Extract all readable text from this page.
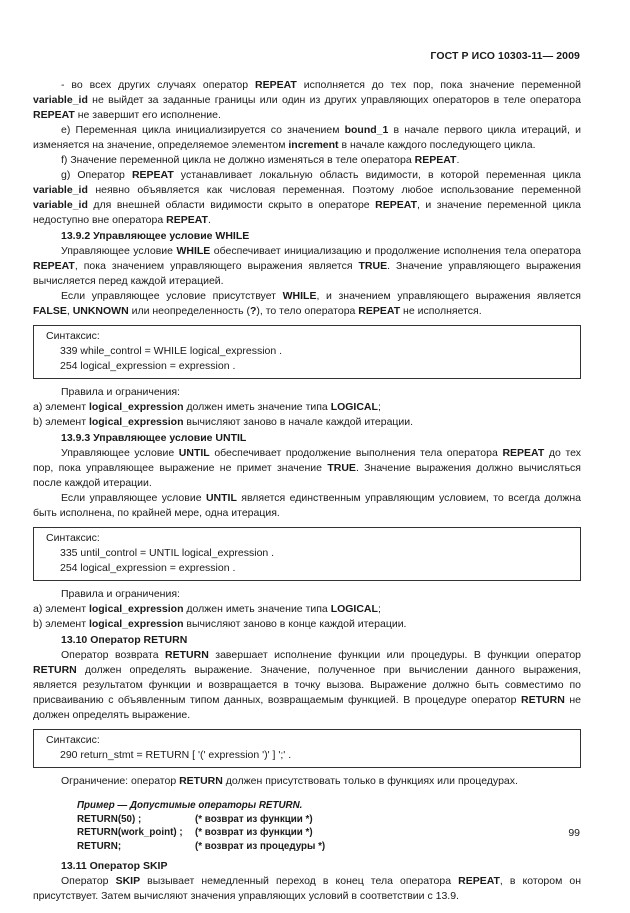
ГОСТ Р ИСО 10303-11— 2009

- во всех других случаях оператор REPEAT исполняется до тех пор, пока значение переменной variable_id не выйдет за заданные границы или один из других управляющих операторов в теле оператора REPEAT не завершит его исполнение.

е) Переменная цикла инициализируется со значением bound_1 в начале первого цикла итераций, и изменяется на значение, определяемое элементом increment в начале каждого последующего цикла.

f) Значение переменной цикла не должно изменяться в теле оператора REPEAT.

g) Оператор REPEAT устанавливает локальную область видимости, в которой переменная цикла variable_id неявно объявляется как числовая переменная. Поэтому любое использование переменной variable_id для внешней области видимости скрыто в операторе REPEAT, и значение переменной цикла недоступно вне оператора REPEAT.

13.9.2 Управляющее условие WHILE

Управляющее условие WHILE обеспечивает инициализацию и продолжение исполнения тела оператора REPEAT, пока значением управляющего выражения является TRUE. Значение управляющего выражения вычисляется перед каждой итерацией.

Если управляющее условие присутствует WHILE, и значением управляющего выражения является FALSE, UNKNOWN или неопределенность (?), то тело оператора REPEAT не исполняется.

Синтаксис:
339 while_control = WHILE logical_expression .
254 logical_expression = expression .

Правила и ограничения:

а) элемент logical_expression должен иметь значение типа LOGICAL;

b) элемент logical_expression вычисляют заново в начале каждой итерации.

13.9.3 Управляющее условие UNTIL

Управляющее условие UNTIL обеспечивает продолжение выполнения тела оператора REPEAT до тех пор, пока управляющее выражение не примет значение TRUE. Значение выражения должно вычисляться после каждой итерации.

Если управляющее условие UNTIL является единственным управляющим условием, то всегда должна быть исполнена, по крайней мере, одна итерация.

Синтаксис:
335 until_control = UNTIL logical_expression .
254 logical_expression = expression .

Правила и ограничения:

а) элемент logical_expression должен иметь значение типа LOGICAL;

b) элемент logical_expression вычисляют заново в конце каждой итерации.

13.10 Оператор RETURN

Оператор возврата RETURN завершает исполнение функции или процедуры. В функции оператор RETURN должен определять выражение. Значение, полученное при вычислении данного выражения, является результатом функции и возвращается в точку вызова. Выражение должно быть совместимо по присваиванию с объявленным типом данных, возвращаемым функцией. В процедуре оператор RETURN не должен определять выражение.

Синтаксис:
290 return_stmt = RETURN [ '(' expression ')' ] ';' .

Ограничение: оператор RETURN должен присутствовать только в функциях или процедурах.

Пример — Допустимые операторы RETURN.
RETURN(50) ;	(* возврат из функции *)
RETURN(work_point) ;	(* возврат из функции *)
RETURN;	(* возврат из процедуры *)

13.11 Оператор SKIP

Оператор SKIP вызывает немедленный переход в конец тела оператора REPEAT, в котором он присутствует. Затем вычисляют значения управляющих условий в соответствии с 13.9.

99
